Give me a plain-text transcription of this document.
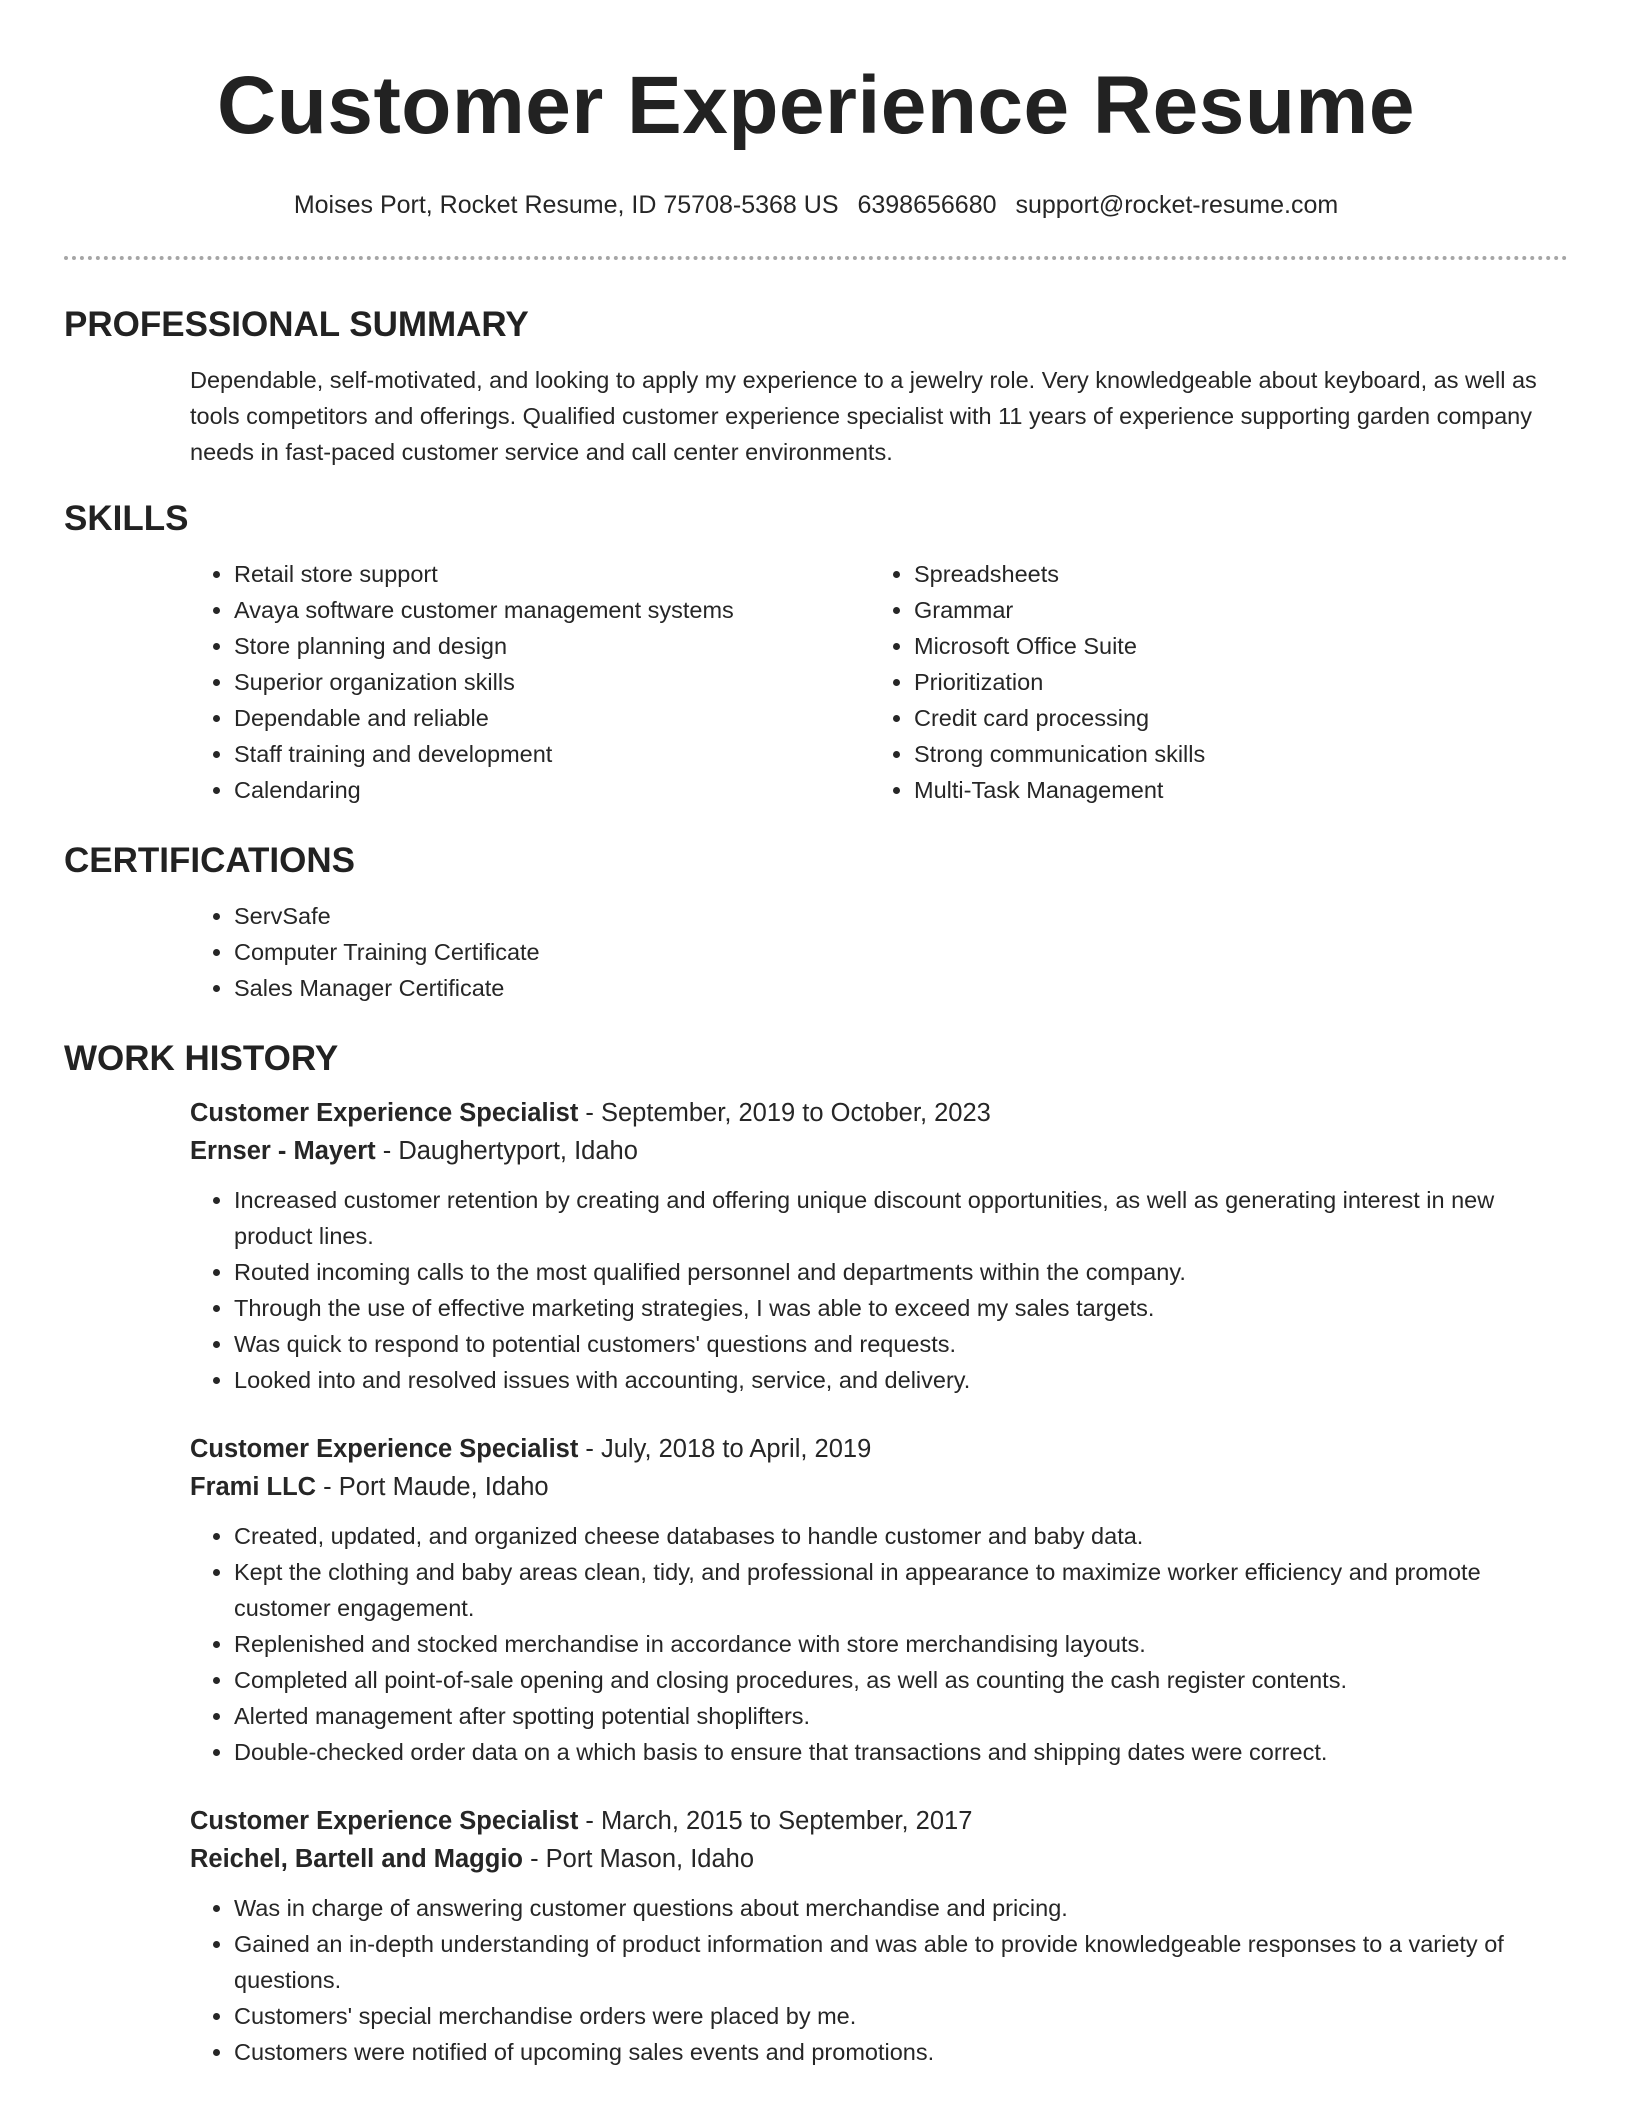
Customer Experience Resume
Moises Port, Rocket Resume, ID 75708-5368 US 6398656680 support@rocket-resume.com
PROFESSIONAL SUMMARY

Dependable, self-motivated, and looking to apply my experience to a jewelry role. Very knowledgeable about keyboard, as well as tools competitors and offerings. Qualified customer experience specialist with 11 years of experience supporting garden company needs in fast-paced customer service and call center environments.

SKILLS
• Retail store support
• Avaya software customer management systems
• Store planning and design
• Superior organization skills
• Dependable and reliable
• Staff training and development
• Calendaring
• Spreadsheets
• Grammar
• Microsoft Office Suite
• Prioritization
• Credit card processing
• Strong communication skills
• Multi-Task Management
CERTIFICATIONS
• ServSafe
• Computer Training Certificate
• Sales Manager Certificate
WORK HISTORY

Customer Experience Specialist - September, 2019 to October, 2023

Ernser - Mayert - Daughertyport, Idaho

• Increased customer retention by creating and offering unique discount opportunities, as well as generating interest in new product lines.
• Routed incoming calls to the most qualified personnel and departments within the company.
• Through the use of effective marketing strategies, I was able to exceed my sales targets.
• Was quick to respond to potential customers' questions and requests.
• Looked into and resolved issues with accounting, service, and delivery.

Customer Experience Specialist - July, 2018 to April, 2019

Frami LLC - Port Maude, Idaho

• Created, updated, and organized cheese databases to handle customer and baby data.
• Kept the clothing and baby areas clean, tidy, and professional in appearance to maximize worker efficiency and promote customer engagement.
• Replenished and stocked merchandise in accordance with store merchandising layouts.
• Completed all point-of-sale opening and closing procedures, as well as counting the cash register contents.
• Alerted management after spotting potential shoplifters.
• Double-checked order data on a which basis to ensure that transactions and shipping dates were correct.

Customer Experience Specialist - March, 2015 to September, 2017

Reichel, Bartell and Maggio - Port Mason, Idaho

• Was in charge of answering customer questions about merchandise and pricing.
• Gained an in-depth understanding of product information and was able to provide knowledgeable responses to a variety of questions.
• Customers' special merchandise orders were placed by me.
• Customers were notified of upcoming sales events and promotions.
